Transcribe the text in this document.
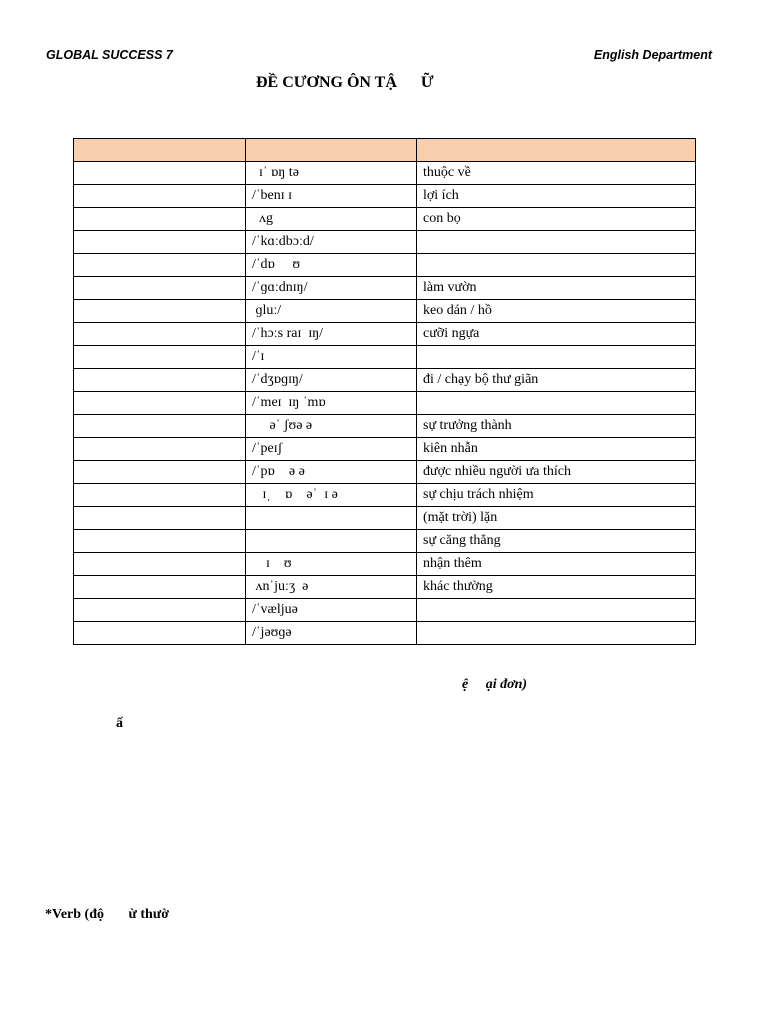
GLOBAL SUCCESS 7	English Department
ĐỀ CƯƠNG ÔN TẬ      Ữ

	ɪˈ ɒŋ tə	thuộc về
	/ˈbenɪ ɪ	lợi ích
	ʌg	con bọ
	/ˈkɑːdbɔːd/	
	/ˈdɒ     ʊ	
	/ˈɡɑːdnɪŋ/	làm vườn
	ɡluː/	keo dán / hồ
	/ˈhɔːs raɪ  ɪŋ/	cưỡi ngựa
	/ˈɪ	
	/ˈdʒɒɡɪŋ/	đi / chạy bộ thư giãn
	/ˈmeɪ  ɪŋ ˈmɒ	
	əˈ ʃʊə ə	sự trưởng thành
	/ˈpeɪʃ	kiên nhẫn
	/ˈpɒ    ə ə	được nhiều người ưa thích
	ɪˌ    ɒ    əˈ  ɪ ə	sự chịu trách nhiệm
		(mặt trời) lặn
		sự căng thẳng
	ɪ    ʊ	nhận thêm
	ʌnˈjuːʒ  ə	khác thường
	/ˈvæljuə	
	/ˈjəʊɡə	
ệ     ại đơn)
ấ
*Verb (độ       ừ thườ
